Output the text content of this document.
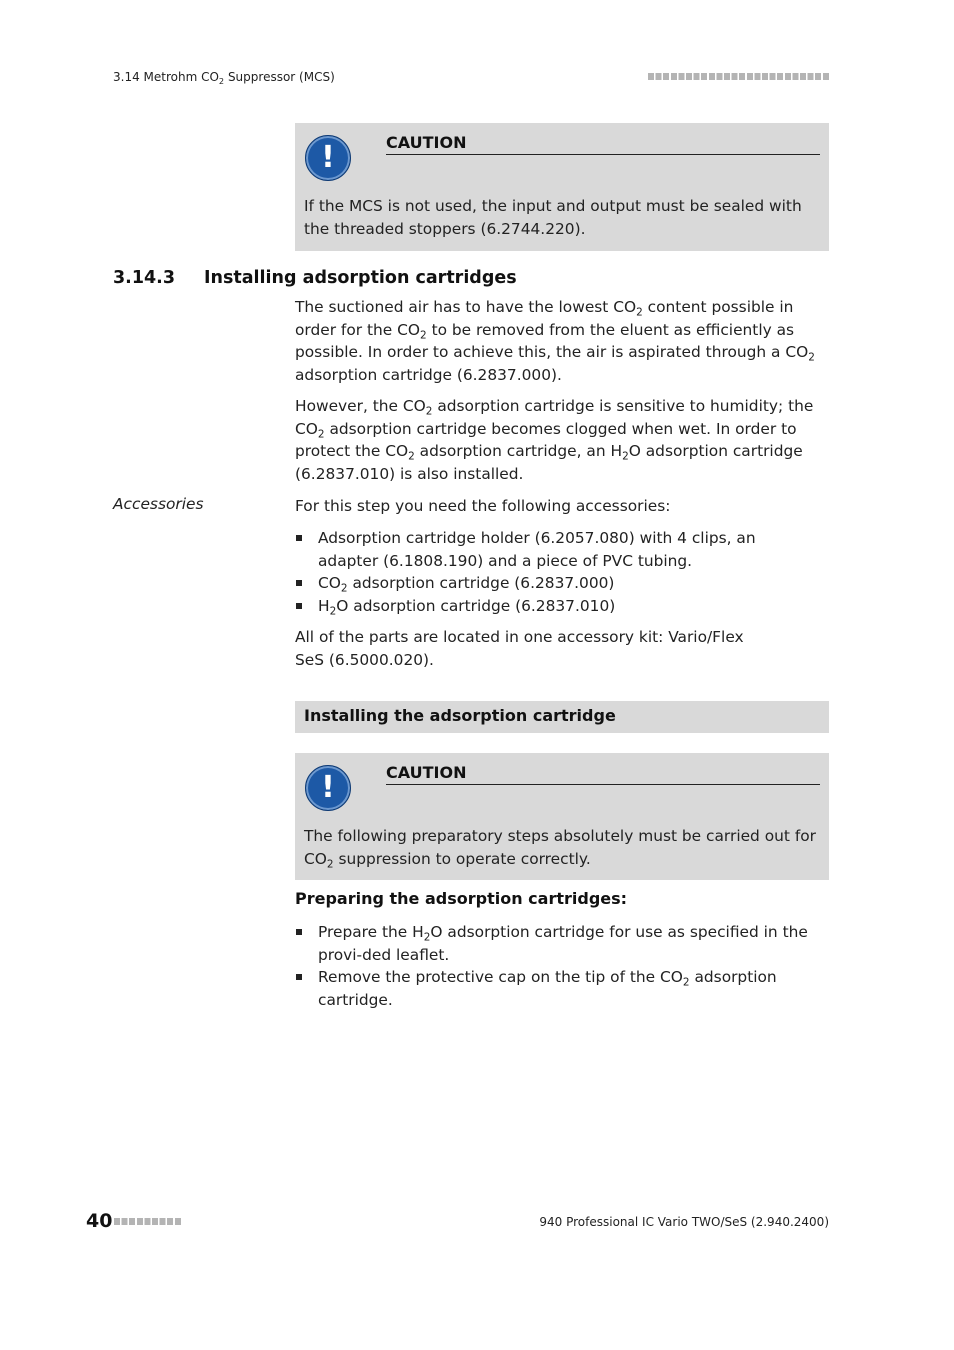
3.14 Metrohm $CO_2$ Suppressor (MCS)
!	CAUTION
If the MCS is not used, the input and output must be sealed with the threaded stoppers (6.2744.220).
3.14.3 Installing adsorption cartridges
The suctioned air has to have the lowest $CO_2$ content possible in order for the $CO_2$ to be removed from the eluent as efficiently as possible. In order to achieve this, the air is aspirated through a $CO_2$ adsorption cartridge (6.2837.000).
However, the $CO_2$ adsorption cartridge is sensitive to humidity; the $CO_2$ adsorption cartridge becomes clogged when wet. In order to protect the $CO_2$ adsorption cartridge, an $H_2O$ adsorption cartridge (6.2837.010) is also installed.
Accessories	For this step you need the following accessories:
Adsorption cartridge holder (6.2057.080) with 4 clips, an adapter (6.1808.190) and a piece of PVC tubing.
$CO_2$ adsorption cartridge (6.2837.000)
$H_2O$ adsorption cartridge (6.2837.010)
All of the parts are located in one accessory kit: Vario/Flex SeS (6.5000.020).
Installing the adsorption cartridge
!	CAUTION
The following preparatory steps absolutely must be carried out for $CO_2$ suppression to operate correctly.
Preparing the adsorption cartridges:
Prepare the $H_2O$ adsorption cartridge for use as specified in the provi-ded leaflet.
Remove the protective cap on the tip of the $CO_2$ adsorption cartridge.
40	940 Professional IC Vario TWO/SeS (2.940.2400)
